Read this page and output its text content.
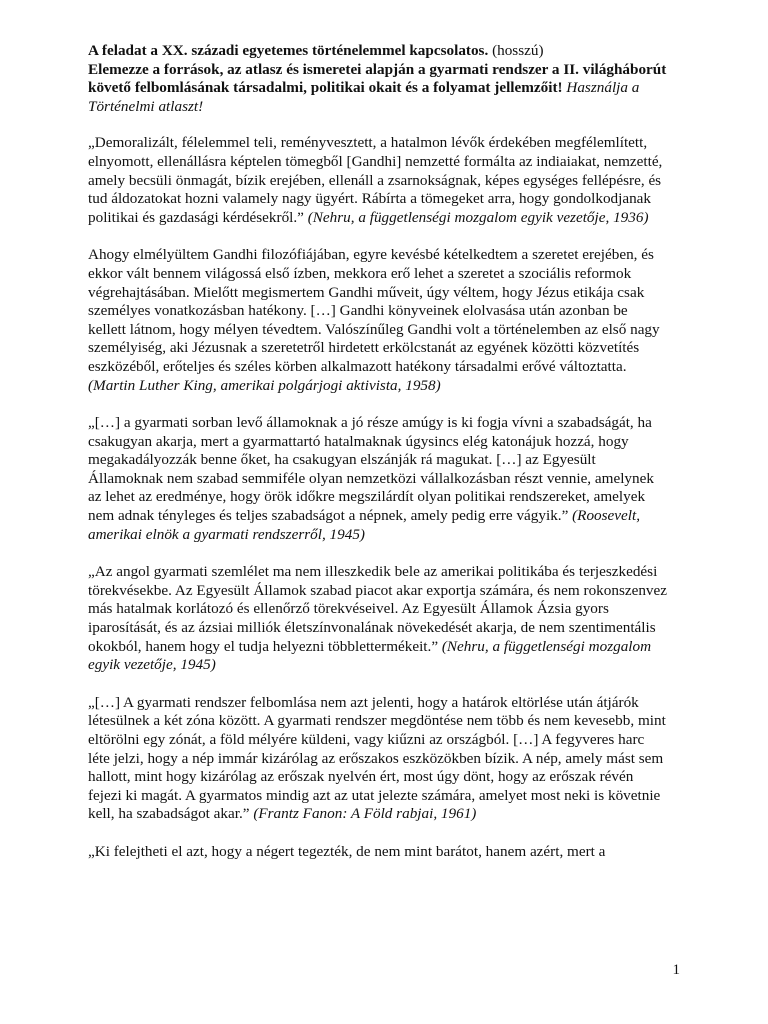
A feladat a XX. századi egyetemes történelemmel kapcsolatos. (hosszú)
Elemezze a források, az atlasz és ismeretei alapján a gyarmati rendszer a II. világháborút követő felbomlásának társadalmi, politikai okait és a folyamat jellemzőit! Használja a Történelmi atlaszt!

„Demoralizált, félelemmel teli, reményvesztett, a hatalmon lévők érdekében megfélemlített, elnyomott, ellenállásra képtelen tömegből [Gandhi] nemzetté formálta az indiaiakat, nemzetté, amely becsüli önmagát, bízik erejében, ellenáll a zsarnokságnak, képes egységes fellépésre, és tud áldozatokat hozni valamely nagy ügyért. Rábírta a tömegeket arra, hogy gondolkodjanak politikai és gazdasági kérdésekről.” (Nehru, a függetlenségi mozgalom egyik vezetője, 1936)

Ahogy elmélyültem Gandhi filozófiájában, egyre kevésbé kételkedtem a szeretet erejében, és ekkor vált bennem világossá első ízben, mekkora erő lehet a szeretet a szociális reformok végrehajtásában. Mielőtt megismertem Gandhi műveit, úgy véltem, hogy Jézus etikája csak személyes vonatkozásban hatékony. […] Gandhi könyveinek elolvasása után azonban be kellett látnom, hogy mélyen tévedtem. Valószínűleg Gandhi volt a történelemben az első nagy személyiség, aki Jézusnak a szeretetről hirdetett erkölcstanát az egyének közötti közvetítés eszközéből, erőteljes és széles körben alkalmazott hatékony társadalmi erővé változtatta. (Martin Luther King, amerikai polgárjogi aktivista, 1958)

„[…] a gyarmati sorban levő államoknak a jó része amúgy is ki fogja vívni a szabadságát, ha csakugyan akarja, mert a gyarmattartó hatalmaknak úgysincs elég katonájuk hozzá, hogy megakadályozzák benne őket, ha csakugyan elszánják rá magukat. […] az Egyesült Államoknak nem szabad semmiféle olyan nemzetközi vállalkozásban részt vennie, amelynek az lehet az eredménye, hogy örök időkre megszilárdít olyan politikai rendszereket, amelyek nem adnak tényleges és teljes szabadságot a népnek, amely pedig erre vágyik.” (Roosevelt, amerikai elnök a gyarmati rendszerről, 1945)

„Az angol gyarmati szemlélet ma nem illeszkedik bele az amerikai politikába és terjeszkedési törekvésekbe. Az Egyesült Államok szabad piacot akar exportja számára, és nem rokonszenvez más hatalmak korlátozó és ellenőrző törekvéseivel. Az Egyesült Államok Ázsia gyors iparosítását, és az ázsiai milliók életszínvonalának növekedését akarja, de nem szentimentális okokból, hanem hogy el tudja helyezni többlettermékeit.” (Nehru, a függetlenségi mozgalom egyik vezetője, 1945)

„[…] A gyarmati rendszer felbomlása nem azt jelenti, hogy a határok eltörlése után átjárók létesülnek a két zóna között. A gyarmati rendszer megdöntése nem több és nem kevesebb, mint eltörölni egy zónát, a föld mélyére küldeni, vagy kiűzni az országból. […] A fegyveres harc léte jelzi, hogy a nép immár kizárólag az erőszakos eszközökben bízik. A nép, amely mást sem hallott, mint hogy kizárólag az erőszak nyelvén ért, most úgy dönt, hogy az erőszak révén fejezi ki magát. A gyarmatos mindig azt az utat jelezte számára, amelyet most neki is követnie kell, ha szabadságot akar.” (Frantz Fanon: A Föld rabjai, 1961)

„Ki felejtheti el azt, hogy a négert tegezték, de nem mint barátot, hanem azért, mert a

1
